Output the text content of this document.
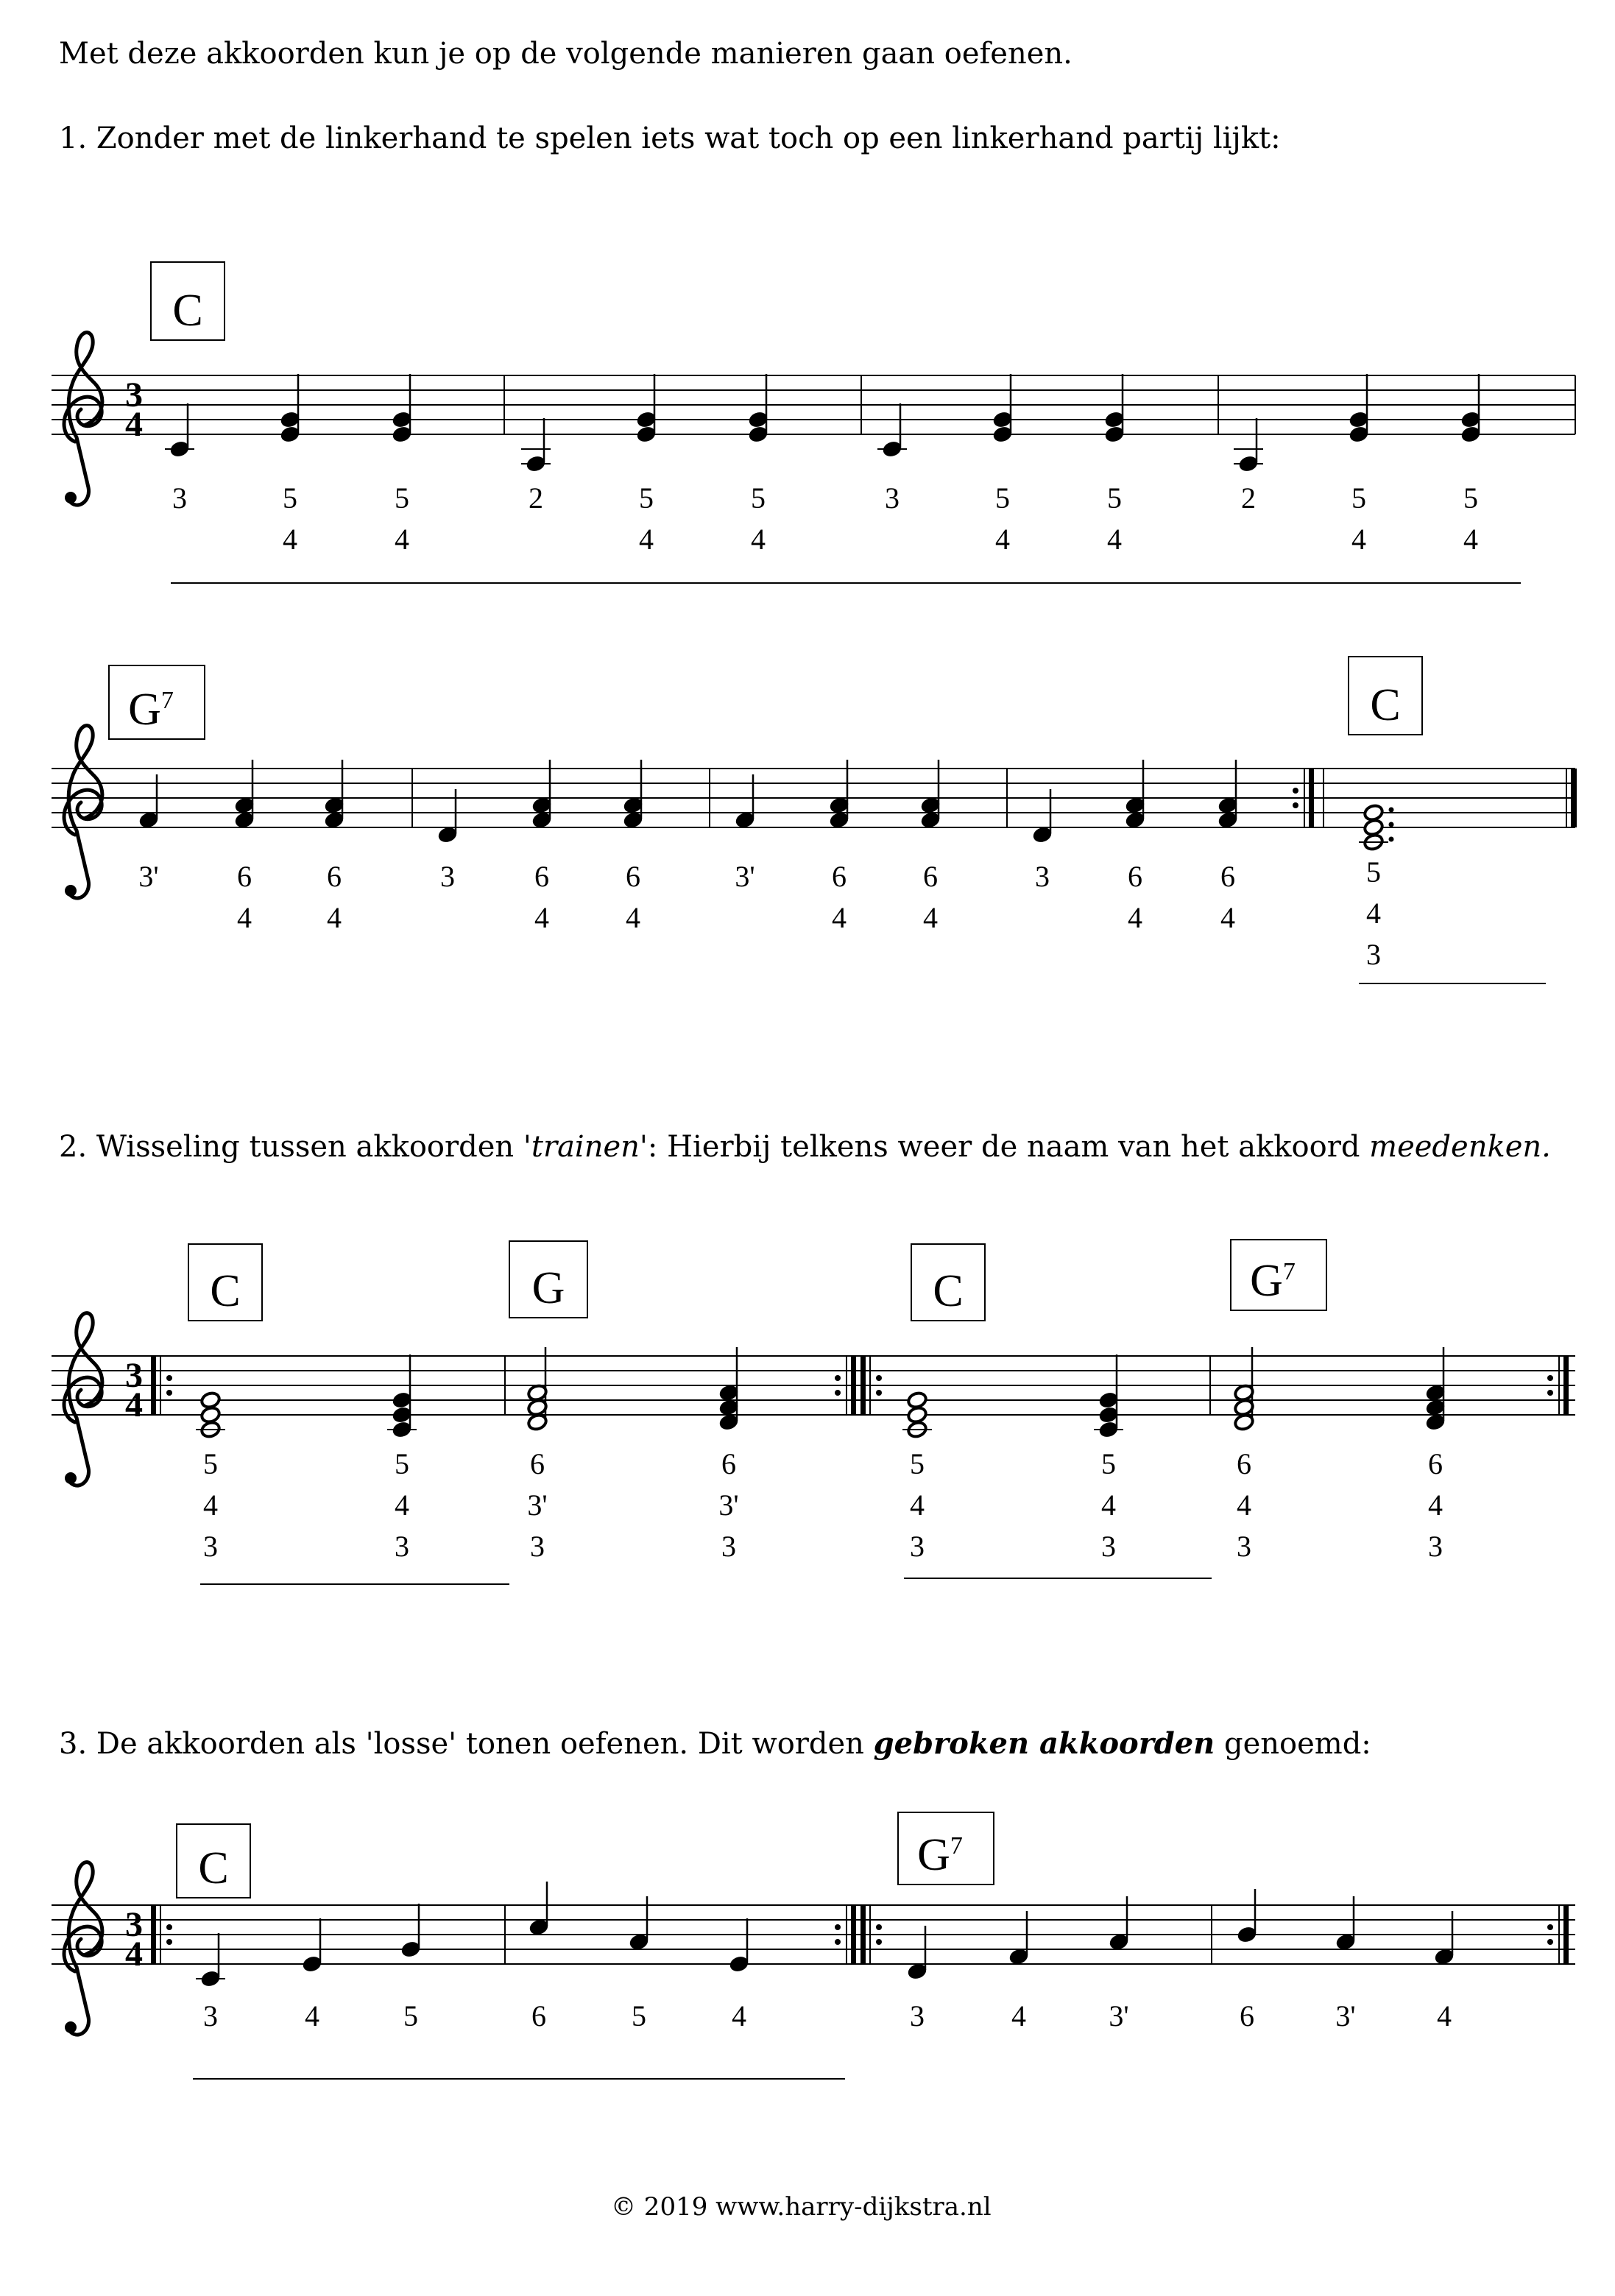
Met deze akkoorden kun je op de volgende manieren gaan oefenen.
1. Zonder met de linkerhand te spelen iets wat toch op een linkerhand partij lijkt:
2. Wisseling tussen akkoorden 'trainen': Hierbij telkens weer de naam van het akkoord meedenken.
3. De akkoorden als 'losse' tonen oefenen. Dit worden gebroken akkoorden genoemd:
3
4
C
3	5
4
5
4
2	5
4
5
4
3	5
4
5
4
2	5
4
5
4
$G^7$	C
3'	6
4
6
4
3	6
4
6
4
3'	6
4
6
4
3	6
4
6
4
5
4
3
3
4
C	G	C	$G^7$
5
4
3
5
4
3
6
3'
3
6
3'
3
5
4
3
5
4
3
6
4
3
6
4
3
3
4
C	$G^7$
3	4	5	6	5	4	3	4	3'	6	3'	4
© 2019 www.harry-dijkstra.nl
